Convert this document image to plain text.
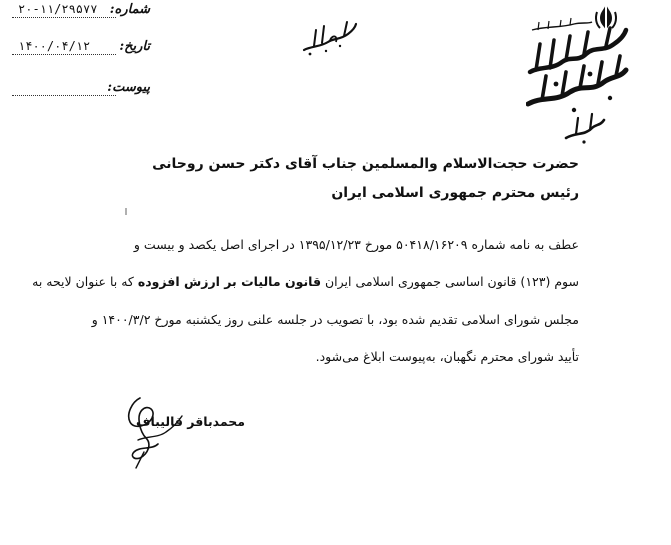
شماره:
۲۰-۱۱/۲۹۵۷۷
تاریخ:
۱۴۰۰/۰۴/۱۲
پیوست:
حضرت حجت‌الاسلام والمسلمین جناب آقای دکتر حسن روحانی
رئیس محترم جمهوری اسلامی ایران
عطف به نامه شماره ۵۰۴۱۸/۱۶۲۰۹ مورخ ۱۳۹۵/۱۲/۲۳ در اجرای اصل یکصد و بیست و
سوم (۱۲۳) قانون اساسی جمهوری اسلامی ایران قانون مالیات بر ارزش افزوده که با عنوان لایحه به
مجلس شورای اسلامی تقدیم شده بود، با تصویب در جلسه علنی روز یکشنبه مورخ ۱۴۰۰/۳/۲ و
تأیید شورای محترم نگهبان، به‌پیوست ابلاغ می‌شود.
محمدباقر قالیباف
